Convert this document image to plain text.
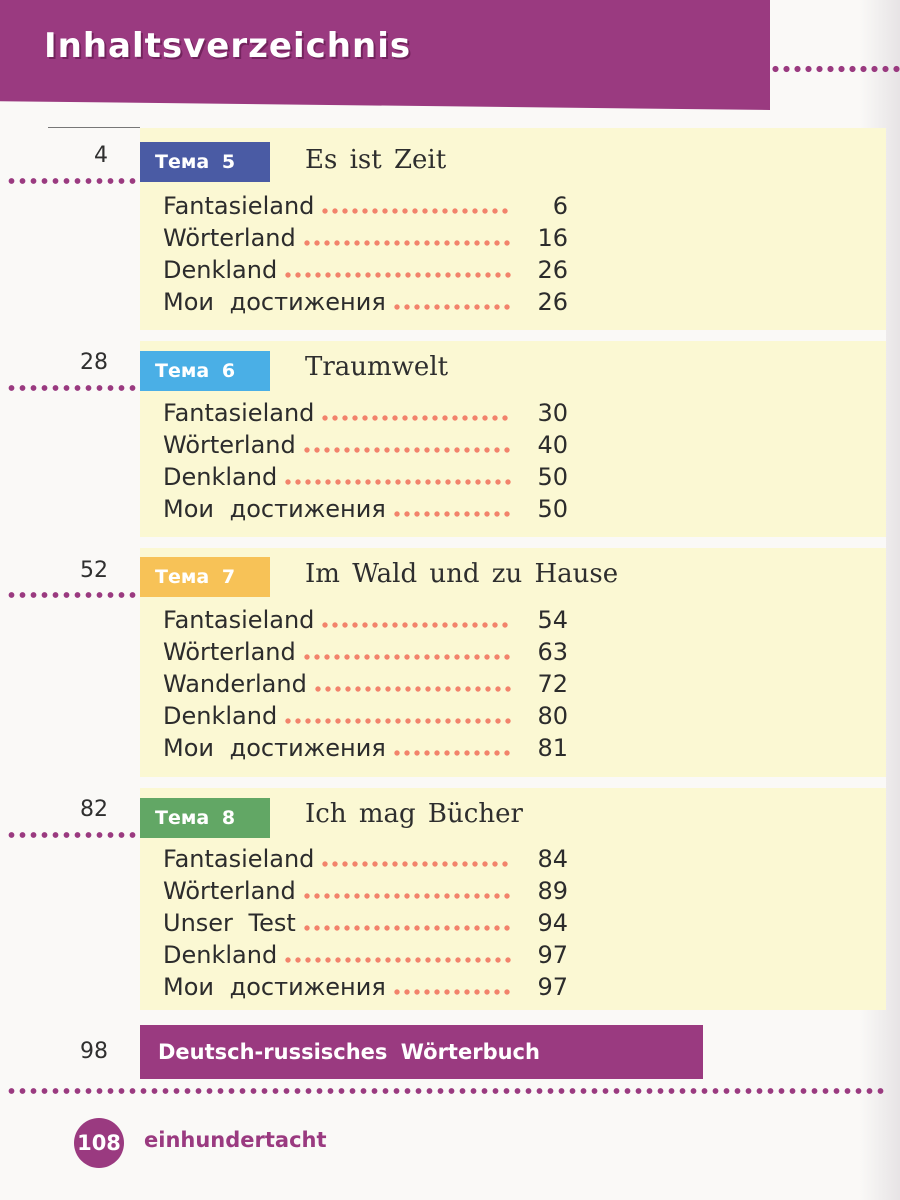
Inhaltsverzeichnis
4	Тема 5	Es ist Zeit
Fantasieland	6
Wörterland	16
Denkland	26
Мои достижения	26
28	Тема 6	Traumwelt
Fantasieland	30
Wörterland	40
Denkland	50
Мои достижения	50
52	Тема 7	Im Wald und zu Hause
Fantasieland	54
Wörterland	63
Wanderland	72
Denkland	80
Мои достижения	81
82	Тема 8	Ich mag Bücher
Fantasieland	84
Wörterland	89
Unser Test	94
Denkland	97
Мои достижения	97
98	Deutsch-russisches Wörterbuch
108 einhundertacht
